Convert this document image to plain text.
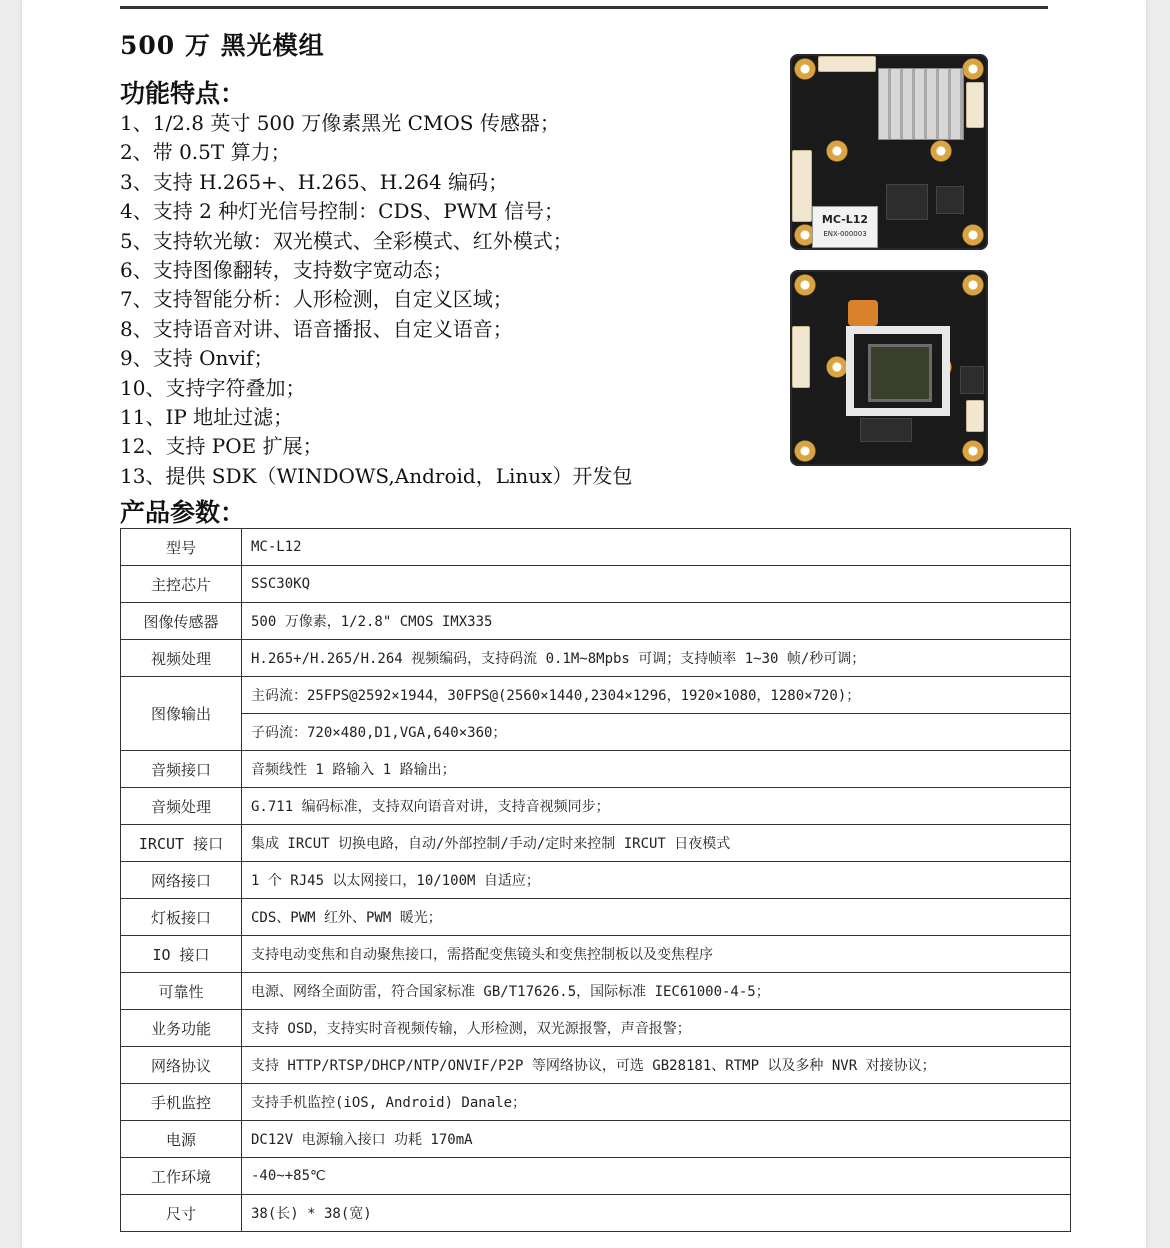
500 万 黑光模组
功能特点：
1、1/2.8 英寸 500 万像素黑光 CMOS 传感器；
2、带 0.5T 算力；
3、支持 H.265+、H.265、H.264 编码；
4、支持 2 种灯光信号控制：CDS、PWM 信号；
5、支持软光敏：双光模式、全彩模式、红外模式；
6、支持图像翻转，支持数字宽动态；
7、支持智能分析：人形检测，自定义区域；
8、支持语音对讲、语音播报、自定义语音；
9、支持 Onvif；
10、支持字符叠加；
11、IP 地址过滤；
12、支持 POE 扩展；
13、提供 SDK（WINDOWS,Android，Linux）开发包
MC-L12
ENX-000003
产品参数：
型号	MC-L12
主控芯片	SSC30KQ
图像传感器	500 万像素，1/2.8" CMOS IMX335
视频处理	H.265+/H.265/H.264 视频编码，支持码流 0.1M~8Mpbs 可调；支持帧率 1~30 帧/秒可调；
图像输出	主码流：25FPS@2592×1944，30FPS@(2560×1440,2304×1296，1920×1080，1280×720)；
	子码流：720×480,D1,VGA,640×360；
音频接口	音频线性 1 路输入 1 路输出；
音频处理	G.711 编码标准，支持双向语音对讲，支持音视频同步；
IRCUT 接口	集成 IRCUT 切换电路，自动/外部控制/手动/定时来控制 IRCUT 日夜模式
网络接口	1 个 RJ45 以太网接口，10/100M 自适应；
灯板接口	CDS、PWM 红外、PWM 暖光；
IO 接口	支持电动变焦和自动聚焦接口，需搭配变焦镜头和变焦控制板以及变焦程序
可靠性	电源、网络全面防雷，符合国家标准 GB/T17626.5，国际标准 IEC61000-4-5；
业务功能	支持 OSD，支持实时音视频传输，人形检测，双光源报警，声音报警；
网络协议	支持 HTTP/RTSP/DHCP/NTP/ONVIF/P2P 等网络协议，可选 GB28181、RTMP 以及多种 NVR 对接协议；
手机监控	支持手机监控(iOS, Android) Danale；
电源	DC12V 电源输入接口 功耗 170mA
工作环境	-40~+85℃
尺寸	38(长) * 38(宽)
